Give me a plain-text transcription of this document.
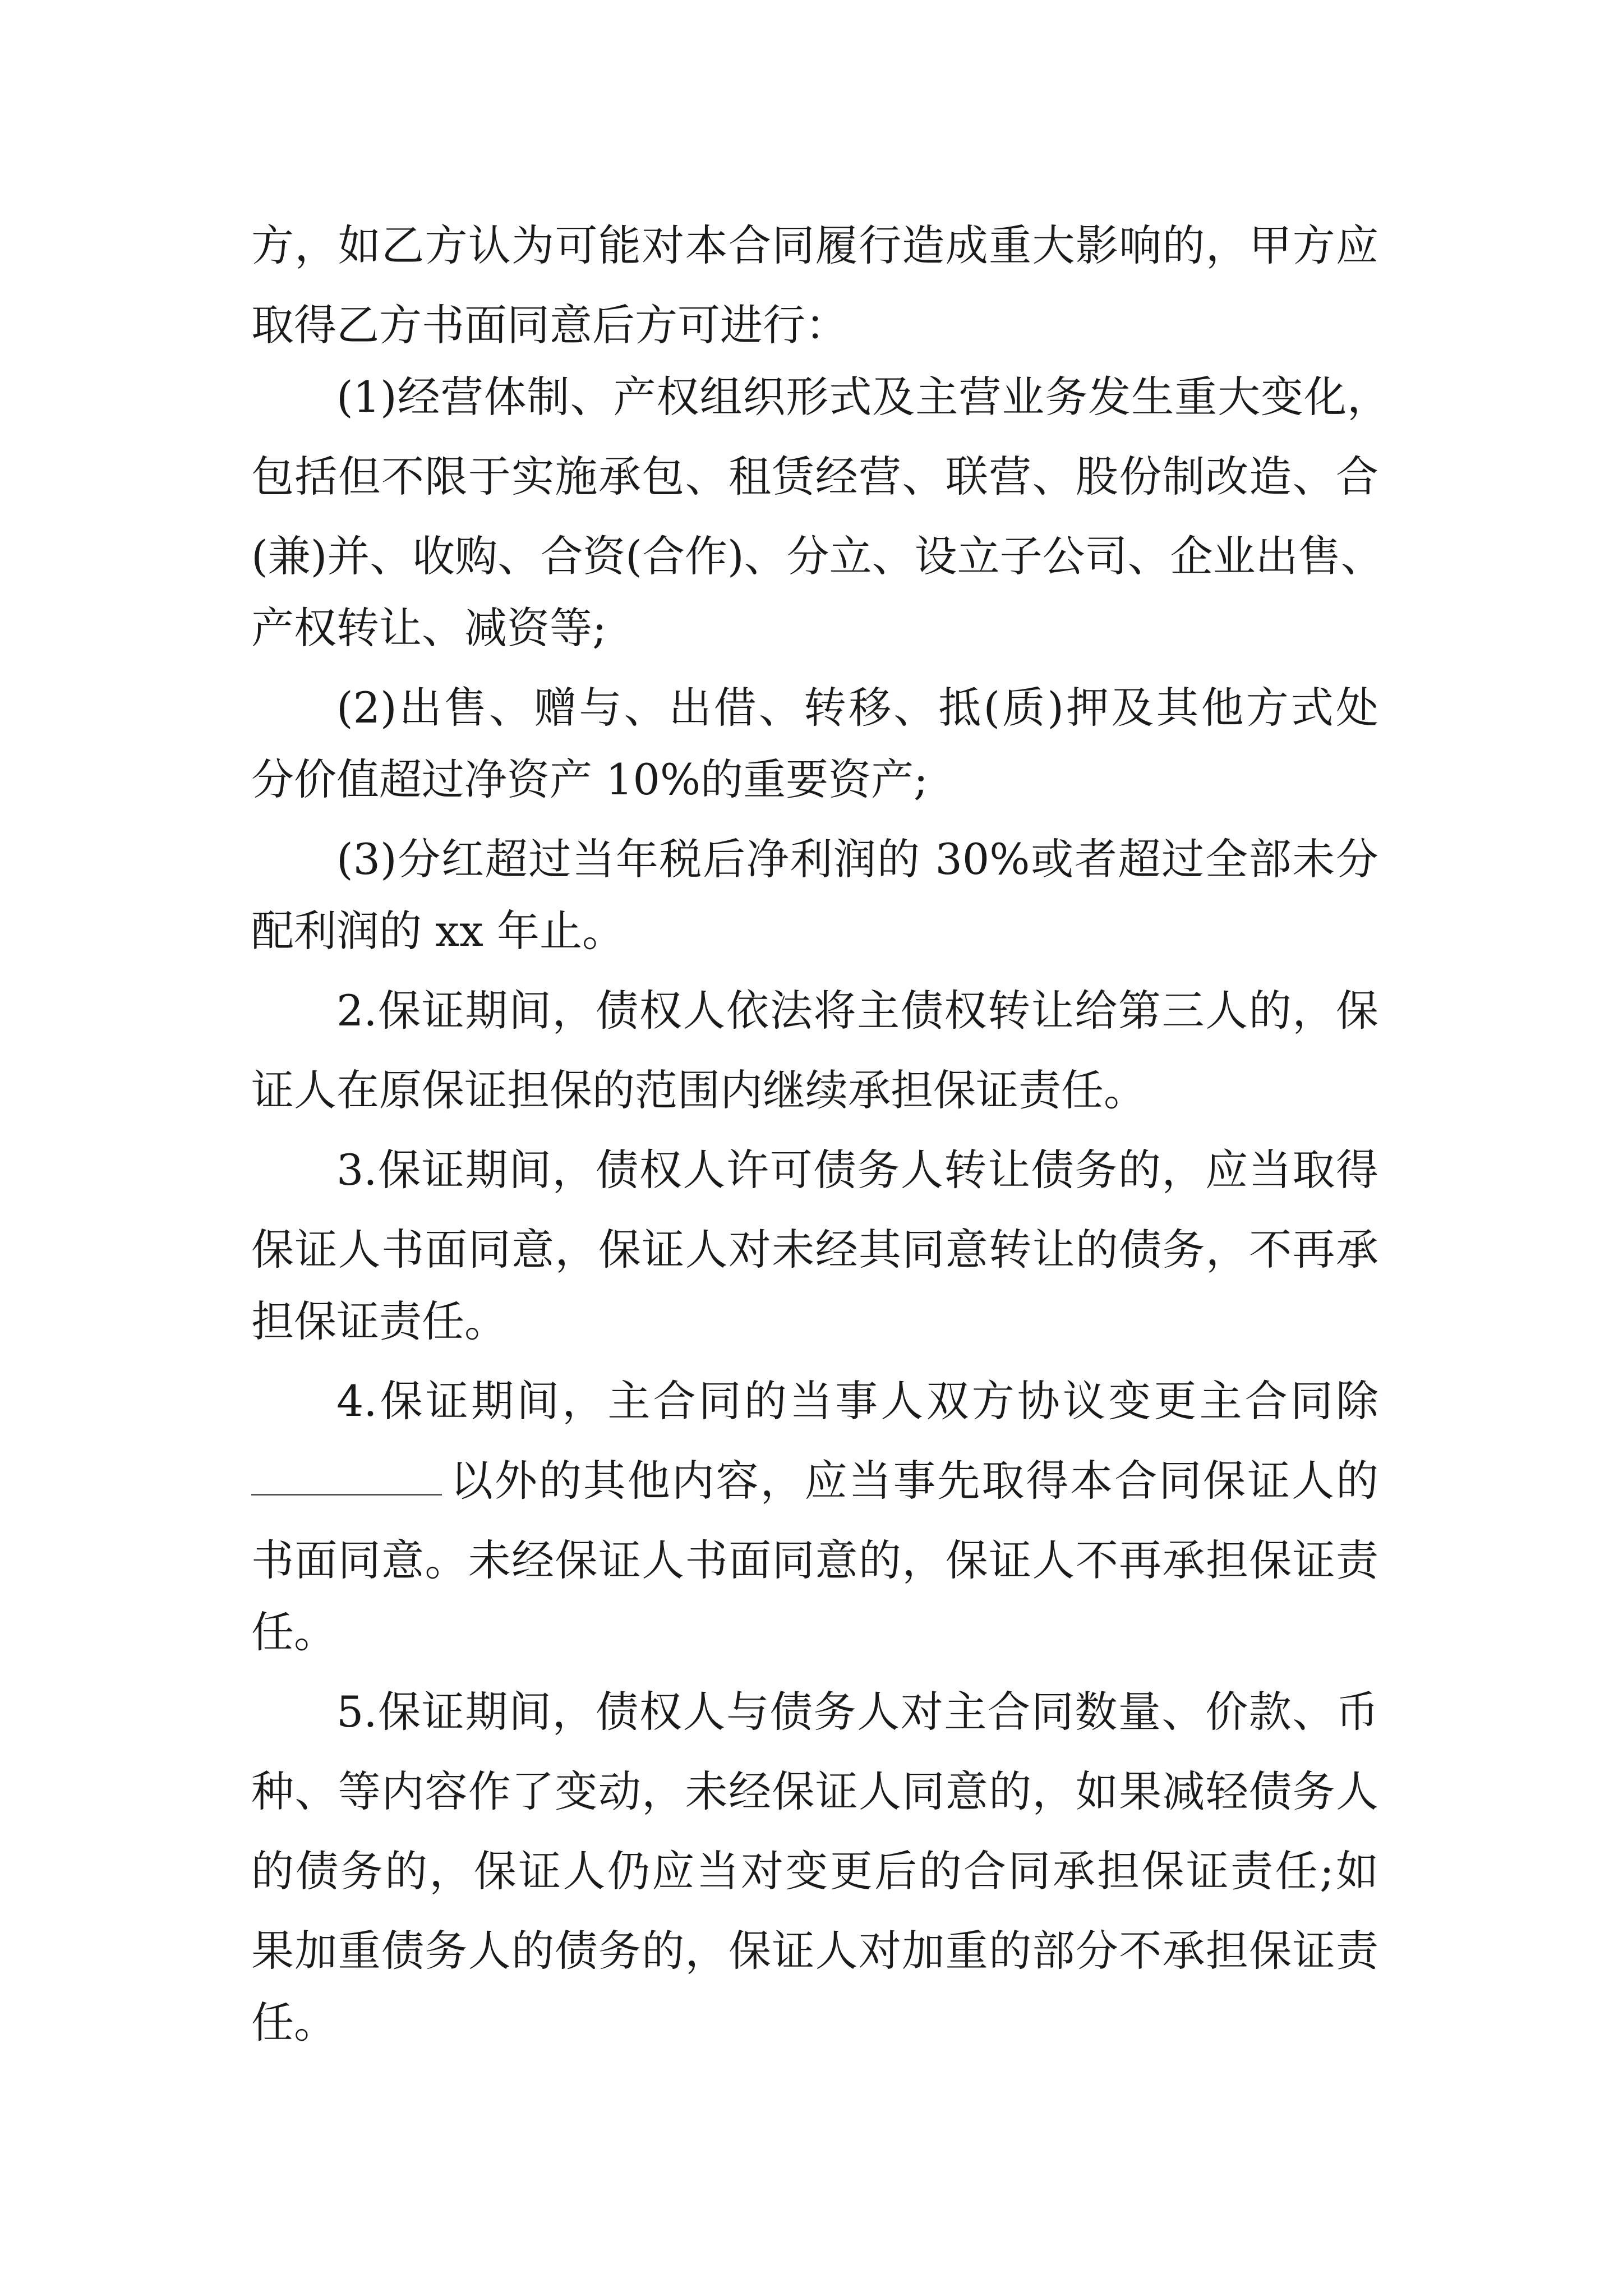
方，如乙方认为可能对本合同履行造成重大影响的，甲方应
取得乙方书面同意后方可进行：
(1)经营体制、产权组织形式及主营业务发生重大变化，
包括但不限于实施承包、租赁经营、联营、股份制改造、合
(兼)并、收购、合资(合作)、分立、设立子公司、企业出售、
产权转让、减资等;
(2)出售、赠与、出借、转移、抵(质)押及其他方式处
分价值超过净资产 10%的重要资产;
(3)分红超过当年税后净利润的 30%或者超过全部未分
配利润的 xx 年止。
2.保证期间，债权人依法将主债权转让给第三人的，保
证人在原保证担保的范围内继续承担保证责任。
3.保证期间，债权人许可债务人转让债务的，应当取得
保证人书面同意，保证人对未经其同意转让的债务，不再承
担保证责任。
4.保证期间，主合同的当事人双方协议变更主合同除
以外的其他内容，应当事先取得本合同保证人的
书面同意。未经保证人书面同意的，保证人不再承担保证责
任。
5.保证期间，债权人与债务人对主合同数量、价款、币
种、等内容作了变动，未经保证人同意的，如果减轻债务人
的债务的，保证人仍应当对变更后的合同承担保证责任;如
果加重债务人的债务的，保证人对加重的部分不承担保证责
任。
